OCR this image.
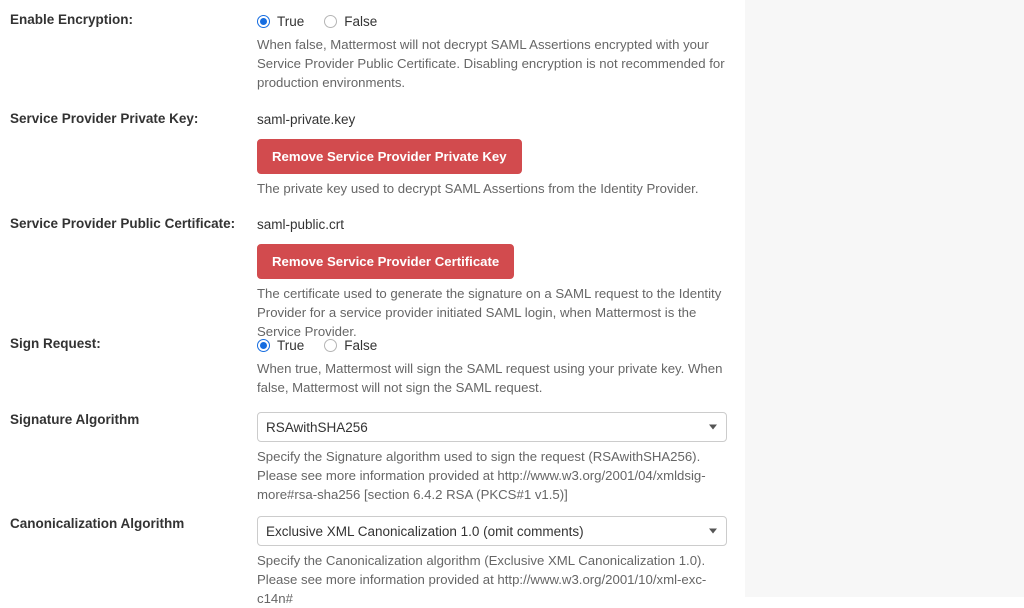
Enable Encryption:	True	False
When false, Mattermost will not decrypt SAML Assertions encrypted with your Service Provider Public Certificate. Disabling encryption is not recommended for production environments.
Service Provider Private Key:	saml-private.key
Remove Service Provider Private Key
The private key used to decrypt SAML Assertions from the Identity Provider.
Service Provider Public Certificate: saml-public.crt
Remove Service Provider Certificate
The certificate used to generate the signature on a SAML request to the Identity Provider for a service provider initiated SAML login, when Mattermost is the Service Provider.
Sign Request:	True	False
When true, Mattermost will sign the SAML request using your private key. When false, Mattermost will not sign the SAML request.
Signature Algorithm	RSAwithSHA256
Specify the Signature algorithm used to sign the request (RSAwithSHA256). Please see more information provided at http://www.w3.org/2001/04/xmldsig-more#rsa-sha256 [section 6.4.2 RSA (PKCS#1 v1.5)]
Canonicalization Algorithm	Exclusive XML Canonicalization 1.0 (omit comments)
Specify the Canonicalization algorithm (Exclusive XML Canonicalization 1.0). Please see more information provided at http://www.w3.org/2001/10/xml-exc-c14n#
